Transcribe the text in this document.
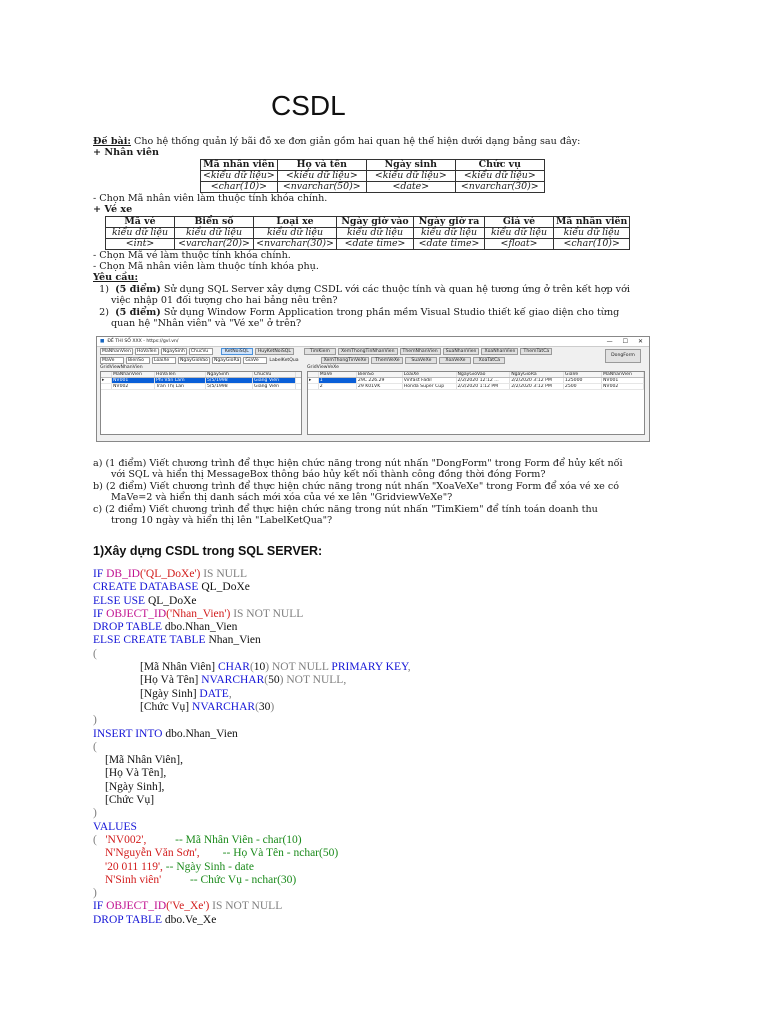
CSDL
Đề bài: Cho hệ thống quản lý bãi đỗ xe đơn giản gồm hai quan hệ thể hiện dưới dạng bảng sau đây:
+ Nhân viên
Mã nhân viên	Họ và tên	Ngày sinh	Chức vụ
<kiểu dữ liệu>	<kiểu dữ liệu>	<kiểu dữ liệu>	<kiểu dữ liệu>
<char(10)>	<nvarchar(50)>	<date>	<nvarchar(30)>
- Chọn Mã nhân viên làm thuộc tính khóa chính.
+ Vé xe
Mã vé	Biển số	Loại xe	Ngày giờ vào	Ngày giờ ra	Giá vé	Mã nhân viên
kiểu dữ liệu	kiểu dữ liệu	kiểu dữ liệu	kiểu dữ liệu	kiểu dữ liệu	kiểu dữ liệu	kiểu dữ liệu
<int>	<varchar(20)>	<nvarchar(30)>	<date time>	<date time>	<float>	<char(10)>
- Chọn Mã vé làm thuộc tính khóa chính.
- Chọn Mã nhân viên làm thuộc tính khóa phụ.
Yêu cầu:
1) (5 điểm) Sử dụng SQL Server xây dựng CSDL với các thuộc tính và quan hệ tương ứng ở trên kết hợp với
việc nhập 01 đối tượng cho hai bảng nêu trên?
2) (5 điểm) Sử dụng Window Form Application trong phần mềm Visual Studio thiết kế giao diện cho từng
quan hệ "Nhân viên" và "Vé xe" ở trên?
■ ĐỀ THI SỐ XXX - https://gvl.vn/	— ☐ ✕
MaNhanVien	HoVaTen	NgaySinh	ChucVu	KetNoiSQL	HuyKetNoiSQL	TimKiem	XemThongTinNhanVien	ThemNhanVien	SuaNhanVien	XoaNhanVien	ThemTatCa
MaVe	BienSo	LoaiXe	NgayGioVao	NgayGioRa	GiaVe	LabelKetQua	XemThongTinVeXe	ThemVeXe	SuaVeXe	XoaVeXe	XoaTatCa
DongForm
GridViewNhanVien	GridViewVeXe
MaNhanVien	HoVaTen	NgaySinh	ChucVu
▸	NV001	Phi Văn Lam	5/5/1998	Giang Viên
NV002	Trần Thị Lan	5/5/1998	Giang Viên
MaVe	BienSo	LoaiXe	NgayGioVao	NgayGioRa	GiaVe	MaNhanVien
▸	1	29C 226.29	Vinfast Fadil	2/2/2020 12:12 ...	2/2/2020 3:12 PM	125000	NV001
2	29 K01VK	Honda Super Cup	2/2/2020 1:12 PM	2/2/2020 3:12 PM	2500	NV002
a) (1 điểm) Viết chương trình để thực hiện chức năng trong nút nhấn "DongForm" trong Form để hủy kết nối
với SQL và hiển thị MessageBox thông báo hủy kết nối thành công đồng thời đóng Form?
b) (2 điểm) Viết chương trình để thực hiện chức năng trong nút nhấn "XoaVeXe" trong Form để xóa vé xe có
MaVe=2 và hiển thị danh sách mới xóa của vé xe lên "GridviewVeXe"?
c) (2 điểm) Viết chương trình để thực hiện chức năng trong nút nhấn "TimKiem" để tính toán doanh thu
trong 10 ngày và hiển thị lên "LabelKetQua"?
1)Xây dựng CSDL trong SQL SERVER:
IF DB_ID('QL_DoXe') IS NULL
CREATE DATABASE QL_DoXe
ELSE USE QL_DoXe
IF OBJECT_ID('Nhan_Vien') IS NOT NULL
DROP TABLE dbo.Nhan_Vien
ELSE CREATE TABLE Nhan_Vien
(
[Mã Nhân Viên] CHAR(10) NOT NULL PRIMARY KEY,
[Họ Và Tên] NVARCHAR(50) NOT NULL,
[Ngày Sinh] DATE,
[Chức Vụ] NVARCHAR(30)
)
INSERT INTO dbo.Nhan_Vien
(
[Mã Nhân Viên],
[Họ Và Tên],
[Ngày Sinh],
[Chức Vụ]
)
VALUES
( 'NV002',	-- Mã Nhân Viên - char(10)
N'Nguyễn Văn Sơn', -- Họ Và Tên - nchar(50)
'20 011 119', -- Ngày Sinh - date
N'Sinh viên'	-- Chức Vụ - nchar(30)
)
IF OBJECT_ID('Ve_Xe') IS NOT NULL
DROP TABLE dbo.Ve_Xe
